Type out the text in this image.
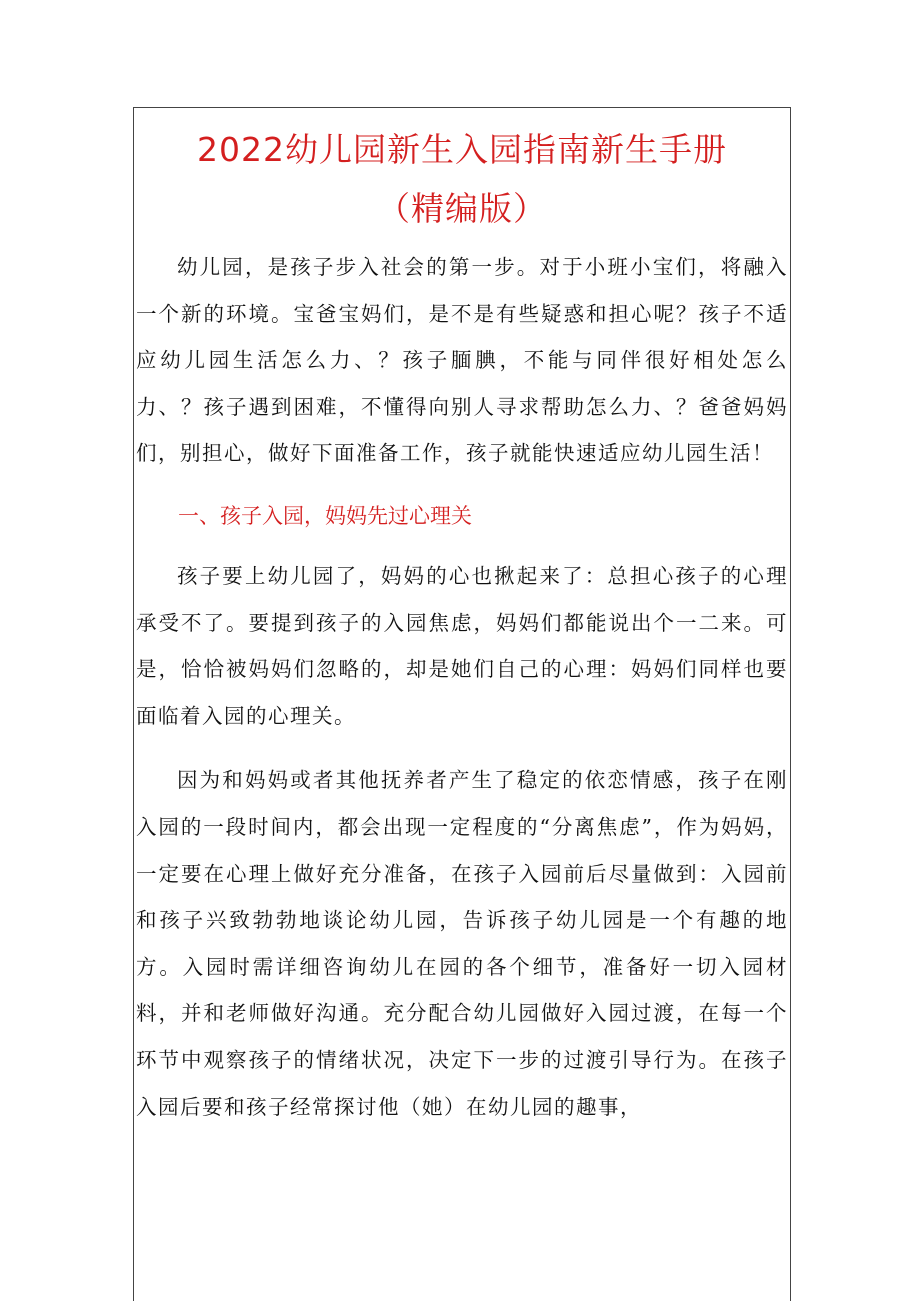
2022幼儿园新生入园指南新生手册
（精编版）

幼儿园，是孩子步入社会的第一步。对于小班小宝们，将融入一个新的环境。宝爸宝妈们，是不是有些疑惑和担心呢？孩子不适应幼儿园生活怎么力、？孩子腼腆，不能与同伴很好相处怎么力、？孩子遇到困难，不懂得向别人寻求帮助怎么力、？爸爸妈妈们，别担心，做好下面准备工作，孩子就能快速适应幼儿园生活！

一、孩子入园，妈妈先过心理关

孩子要上幼儿园了，妈妈的心也揪起来了：总担心孩子的心理承受不了。要提到孩子的入园焦虑，妈妈们都能说出个一二来。可是，恰恰被妈妈们忽略的，却是她们自己的心理：妈妈们同样也要面临着入园的心理关。

因为和妈妈或者其他抚养者产生了稳定的依恋情感，孩子在刚入园的一段时间内，都会出现一定程度的“分离焦虑”，作为妈妈，一定要在心理上做好充分准备，在孩子入园前后尽量做到：入园前和孩子兴致勃勃地谈论幼儿园，告诉孩子幼儿园是一个有趣的地方。入园时需详细咨询幼儿在园的各个细节，准备好一切入园材料，并和老师做好沟通。充分配合幼儿园做好入园过渡，在每一个环节中观察孩子的情绪状况，决定下一步的过渡引导行为。在孩子入园后要和孩子经常探讨他（她）在幼儿园的趣事，
